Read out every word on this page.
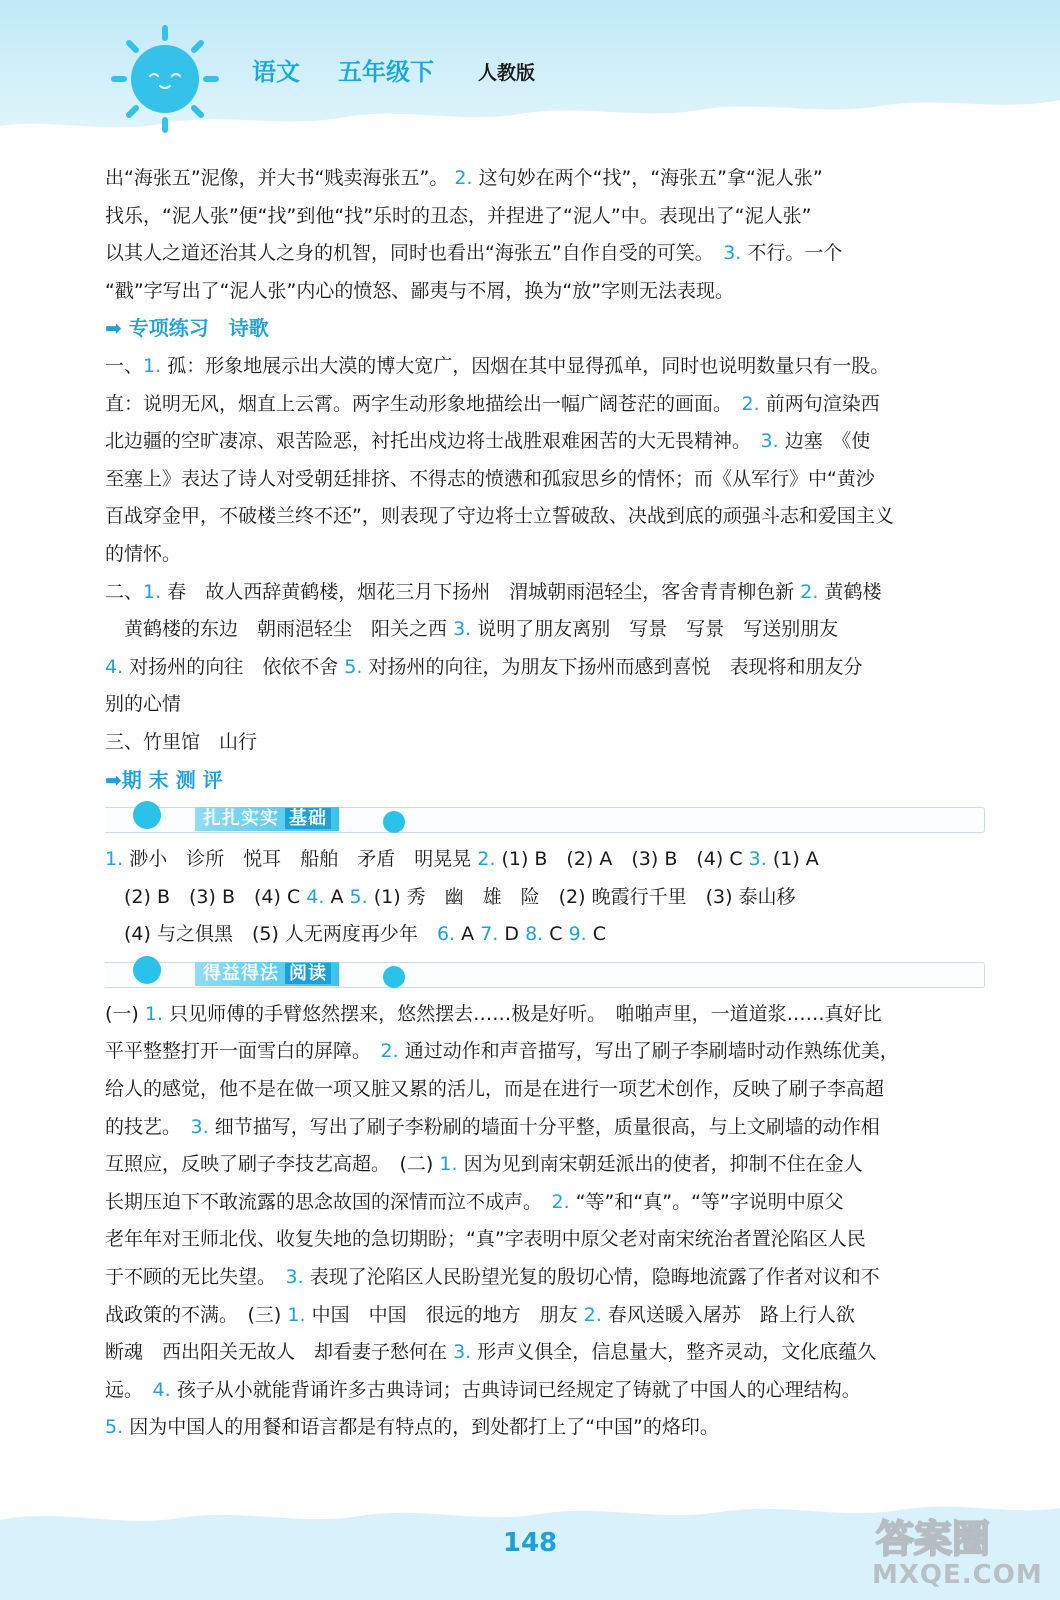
语文 五年级下 人教版

出“海张五”泥像，并大书“贱卖海张五”。 2. 这句妙在两个“找”，“海张五”拿“泥人张”

找乐，“泥人张”便“找”到他“找”乐时的丑态，并捏进了“泥人”中。表现出了“泥人张”

以其人之道还治其人之身的机智，同时也看出“海张五”自作自受的可笑。　 3. 不行。一个

“戳”字写出了“泥人张”内心的愤怒、鄙夷与不屑，换为“放”字则无法表现。

➡ 专项练习　诗歌

一、1. 孤：形象地展示出大漠的博大宽广，因烟在其中显得孤单，同时也说明数量只有一股。

直：说明无风，烟直上云霄。两字生动形象地描绘出一幅广阔苍茫的画面。　 2. 前两句渲染西

北边疆的空旷凄凉、艰苦险恶，衬托出戍边将士战胜艰难困苦的大无畏精神。　 3. 边塞　《使

至塞上》表达了诗人对受朝廷排挤、不得志的愤懑和孤寂思乡的情怀；而《从军行》中“黄沙

百战穿金甲，不破楼兰终不还”，则表现了守边将士立誓破敌、决战到底的顽强斗志和爱国主义

的情怀。

二、1. 春　故人西辞黄鹤楼，烟花三月下扬州　渭城朝雨浥轻尘，客舍青青柳色新 2. 黄鹤楼

　黄鹤楼的东边　朝雨浥轻尘　阳关之西 3. 说明了朋友离别　写景　写景　写送别朋友

4. 对扬州的向往　依依不舍 5. 对扬州的向往，为朋友下扬州而感到喜悦　表现将和朋友分

别的心情

三、竹里馆　山行

➡期 末 测 评

扎扎实实 基础

1. 渺小　诊所　悦耳　船舶　矛盾　明晃晃 2. (1) B　(2) A　(3) B　(4) C 3. (1) A

　(2) B　(3) B　(4) C 4. A 5. (1) 秀　幽　雄　险　(2) 晚霞行千里　(3) 泰山移

　(4) 与之俱黑　(5) 人无两度再少年　 6. A 7. D 8. C 9. C

得益得法 阅读

(一) 1. 只见师傅的手臂悠然摆来，悠然摆去……极是好听。　啪啪声里，一道道浆……真好比

平平整整打开一面雪白的屏障。　 2. 通过动作和声音描写，写出了刷子李刷墙时动作熟练优美，

给人的感觉，他不是在做一项又脏又累的活儿，而是在进行一项艺术创作，反映了刷子李高超

的技艺。　 3. 细节描写，写出了刷子李粉刷的墙面十分平整，质量很高，与上文刷墙的动作相

互照应，反映了刷子李技艺高超。　(二) 1. 因为见到南宋朝廷派出的使者，抑制不住在金人

长期压迫下不敢流露的思念故国的深情而泣不成声。　 2. “等”和“真”。“等”字说明中原父

老年年对王师北伐、收复失地的急切期盼；“真”字表明中原父老对南宋统治者置沦陷区人民

于不顾的无比失望。　 3. 表现了沦陷区人民盼望光复的殷切心情，隐晦地流露了作者对议和不

战政策的不满。　(三) 1. 中国　中国　很远的地方　朋友 2. 春风送暖入屠苏　路上行人欲

断魂　西出阳关无故人　却看妻子愁何在 3. 形声义俱全，信息量大，整齐灵动，文化底蕴久

远。　 4. 孩子从小就能背诵许多古典诗词；古典诗词已经规定了铸就了中国人的心理结构。

5. 因为中国人的用餐和语言都是有特点的，到处都打上了“中国”的烙印。

148	答案圈
MXQE.COM
